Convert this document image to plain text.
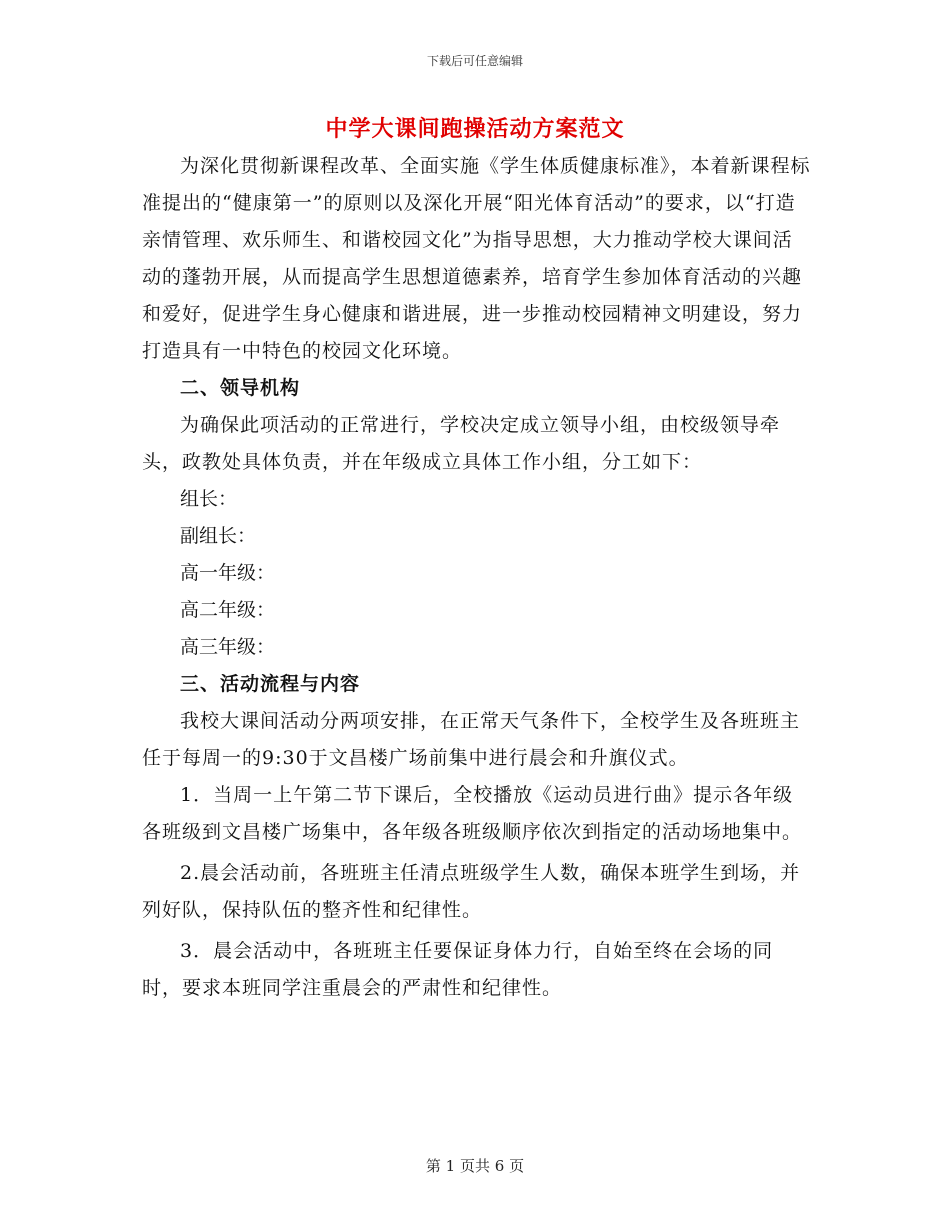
下载后可任意编辑
中学大课间跑操活动方案范文

为深化贯彻新课程改革、全面实施《学生体质健康标准》，本着新课程标准提出的“健康第一”的原则以及深化开展“阳光体育活动”的要求，以“打造亲情管理、欢乐师生、和谐校园文化”为指导思想，大力推动学校大课间活动的蓬勃开展，从而提高学生思想道德素养，培育学生参加体育活动的兴趣和爱好，促进学生身心健康和谐进展，进一步推动校园精神文明建设，努力打造具有一中特色的校园文化环境。

二、领导机构

为确保此项活动的正常进行，学校决定成立领导小组，由校级领导牵头，政教处具体负责，并在年级成立具体工作小组，分工如下：

组长：

副组长：

高一年级：

高二年级：

高三年级：

三、活动流程与内容

我校大课间活动分两项安排，在正常天气条件下，全校学生及各班班主任于每周一的9:30于文昌楼广场前集中进行晨会和升旗仪式。

1．当周一上午第二节下课后，全校播放《运动员进行曲》提示各年级各班级到文昌楼广场集中，各年级各班级顺序依次到指定的活动场地集中。

2.晨会活动前，各班班主任清点班级学生人数，确保本班学生到场，并列好队，保持队伍的整齐性和纪律性。

3．晨会活动中，各班班主任要保证身体力行，自始至终在会场的同时，要求本班同学注重晨会的严肃性和纪律性。

第 1 页共 6 页
